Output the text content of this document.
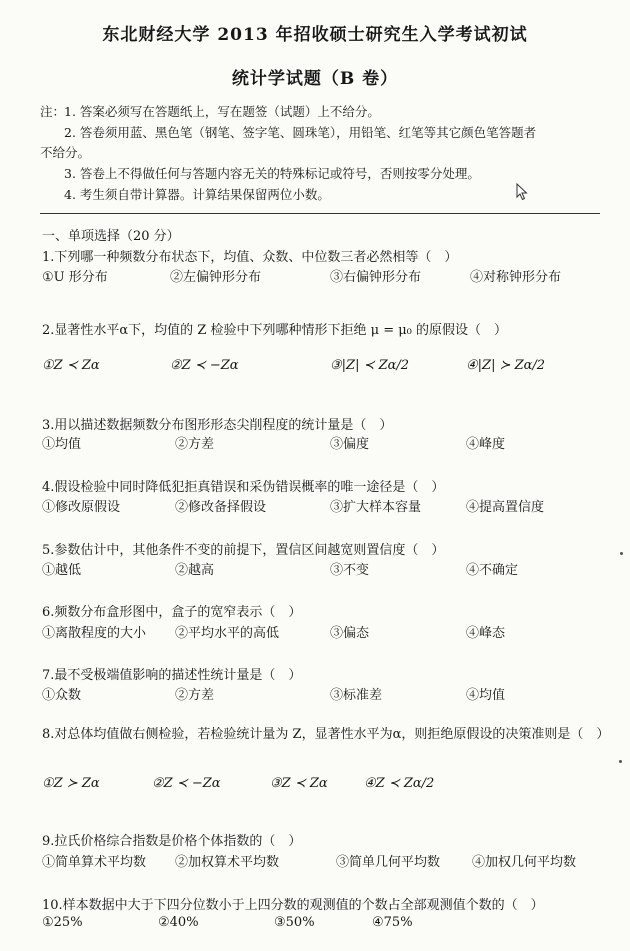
东北财经大学 2013 年招收硕士研究生入学考试初试
统计学试题（B 卷）
注：
1. 答案必须写在答题纸上，写在题签（试题）上不给分。
2. 答卷须用蓝、黑色笔（钢笔、签字笔、圆珠笔），用铅笔、红笔等其它颜色笔答题者
不给分。
3. 答卷上不得做任何与答题内容无关的特殊标记或符号，否则按零分处理。
4. 考生须自带计算器。计算结果保留两位小数。
一、单项选择（20 分）
1.下列哪一种频数分布状态下，均值、众数、中位数三者必然相等（　）
①U 形分布	②左偏钟形分布	③右偏钟形分布	④对称钟形分布
2.显著性水平α下，均值的 Z 检验中下列哪种情形下拒绝 μ = μ₀ 的原假设（　）
①Z ≺ Zα	②Z ≺ −Zα	③|Z| ≺ Zα/2	④|Z| ≻ Zα/2
3.用以描述数据频数分布图形形态尖削程度的统计量是（　）
①均值	②方差	③偏度	④峰度
4.假设检验中同时降低犯拒真错误和采伪错误概率的唯一途径是（　）
①修改原假设	②修改备择假设	③扩大样本容量	④提高置信度
5.参数估计中，其他条件不变的前提下，置信区间越宽则置信度（　）
①越低	②越高	③不变	④不确定
6.频数分布盒形图中，盒子的宽窄表示（　）
①离散程度的大小 ②平均水平的高低	③偏态	④峰态
7.最不受极端值影响的描述性统计量是（　）
①众数	②方差	③标准差	④均值
8.对总体均值做右侧检验，若检验统计量为 Z，显著性水平为α，则拒绝原假设的决策准则是（　）
①Z ≻ Zα	②Z ≺ −Zα	③Z ≺ Zα	④Z ≺ Zα/2
9.拉氏价格综合指数是价格个体指数的（　）
①简单算术平均数 ②加权算术平均数	③简单几何平均数 ④加权几何平均数
10.样本数据中大于下四分位数小于上四分数的观测值的个数占全部观测值个数的（　）
①25%	②40%	③50%	④75%
